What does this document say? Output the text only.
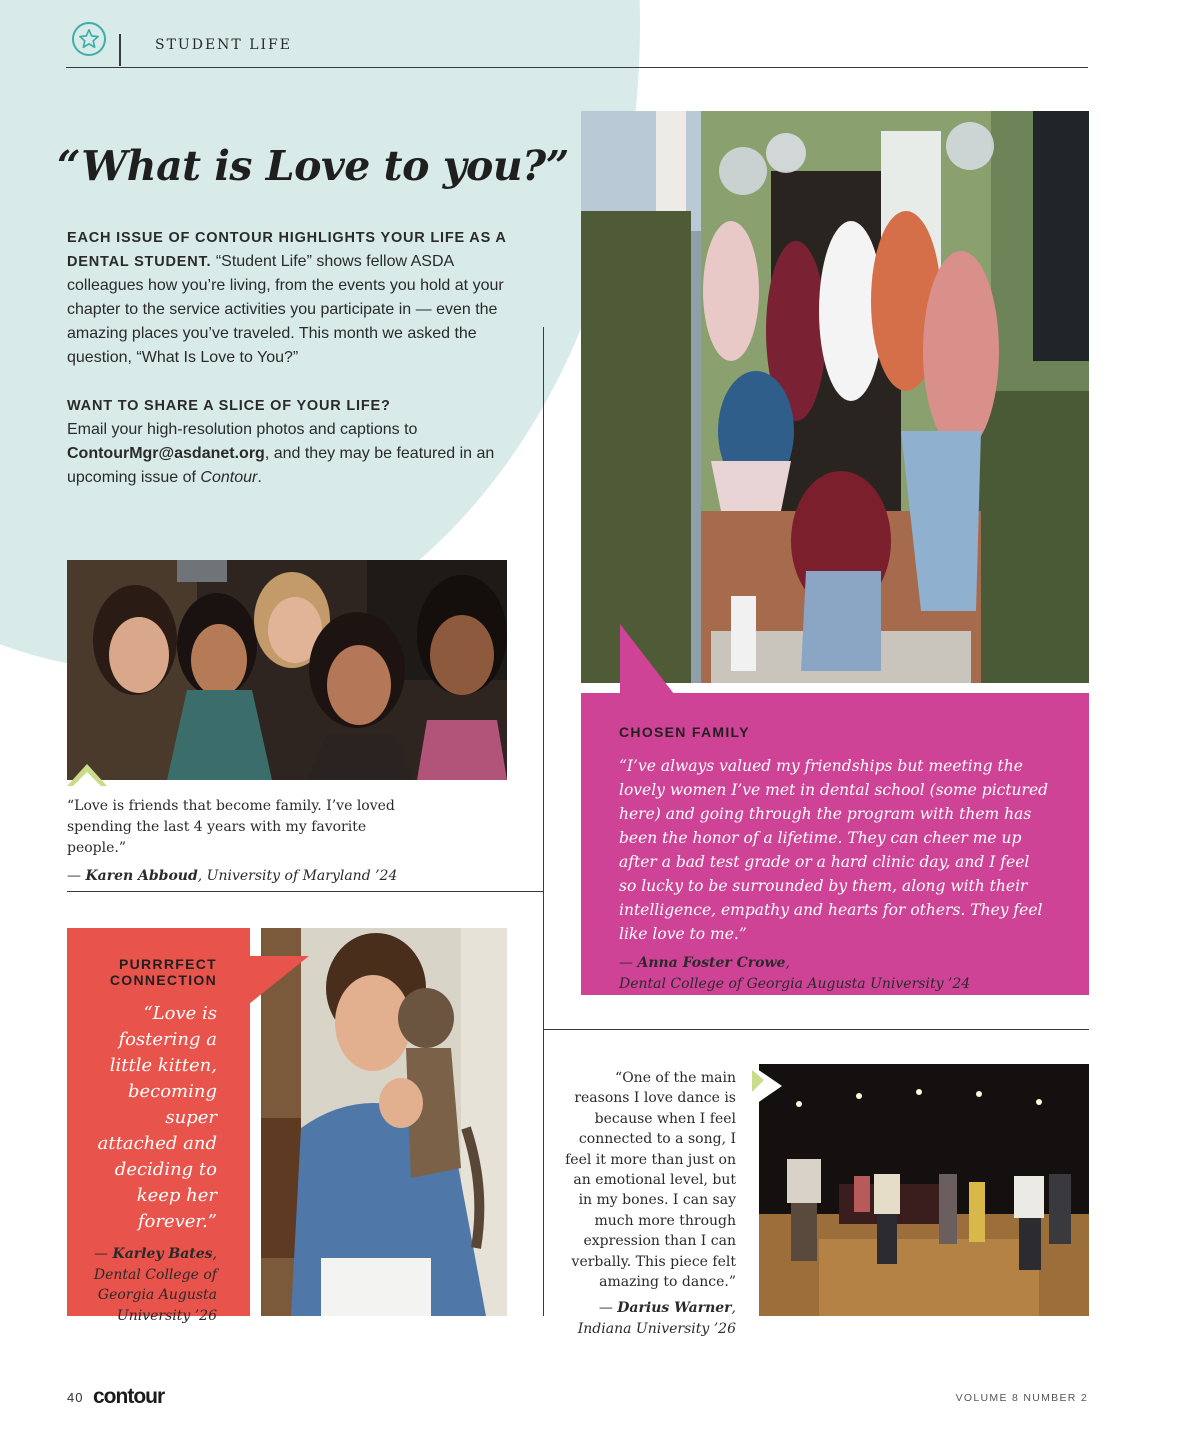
STUDENT LIFE
“What is Love to you?”

EACH ISSUE OF CONTOUR HIGHLIGHTS YOUR LIFE AS A DENTAL STUDENT. “Student Life” shows fellow ASDA colleagues how you’re living, from the events you hold at your chapter to the service activities you participate in — even the amazing places you’ve traveled. This month we asked the question, “What Is Love to You?”

WANT TO SHARE A SLICE OF YOUR LIFE?
Email your high-resolution photos and captions to ContourMgr@asdanet.org, and they may be featured in an upcoming issue of Contour.

“Love is friends that become family. I’ve loved spending the last 4 years with my favorite people.”
— Karen Abboud, University of Maryland ’24
CHOSEN FAMILY
“I’ve always valued my friendships but meeting the lovely women I’ve met in dental school (some pictured here) and going through the program with them has been the honor of a lifetime. They can cheer me up after a bad test grade or a hard clinic day, and I feel so lucky to be surrounded by them, along with their intelligence, empathy and hearts for others. They feel like love to me.”
— Anna Foster Crowe,
Dental College of Georgia Augusta University ’24
PURRRFECT CONNECTION
“Love is fostering a little kitten, becoming super attached and deciding to keep her forever.”
— Karley Bates, Dental College of Georgia Augusta University ’26
“One of the main reasons I love dance is because when I feel connected to a song, I feel it more than just on an emotional level, but in my bones. I can say much more through expression than I can verbally. This piece felt amazing to dance.”
— Darius Warner,
Indiana University ’26
40 contour	VOLUME 8 NUMBER 2
